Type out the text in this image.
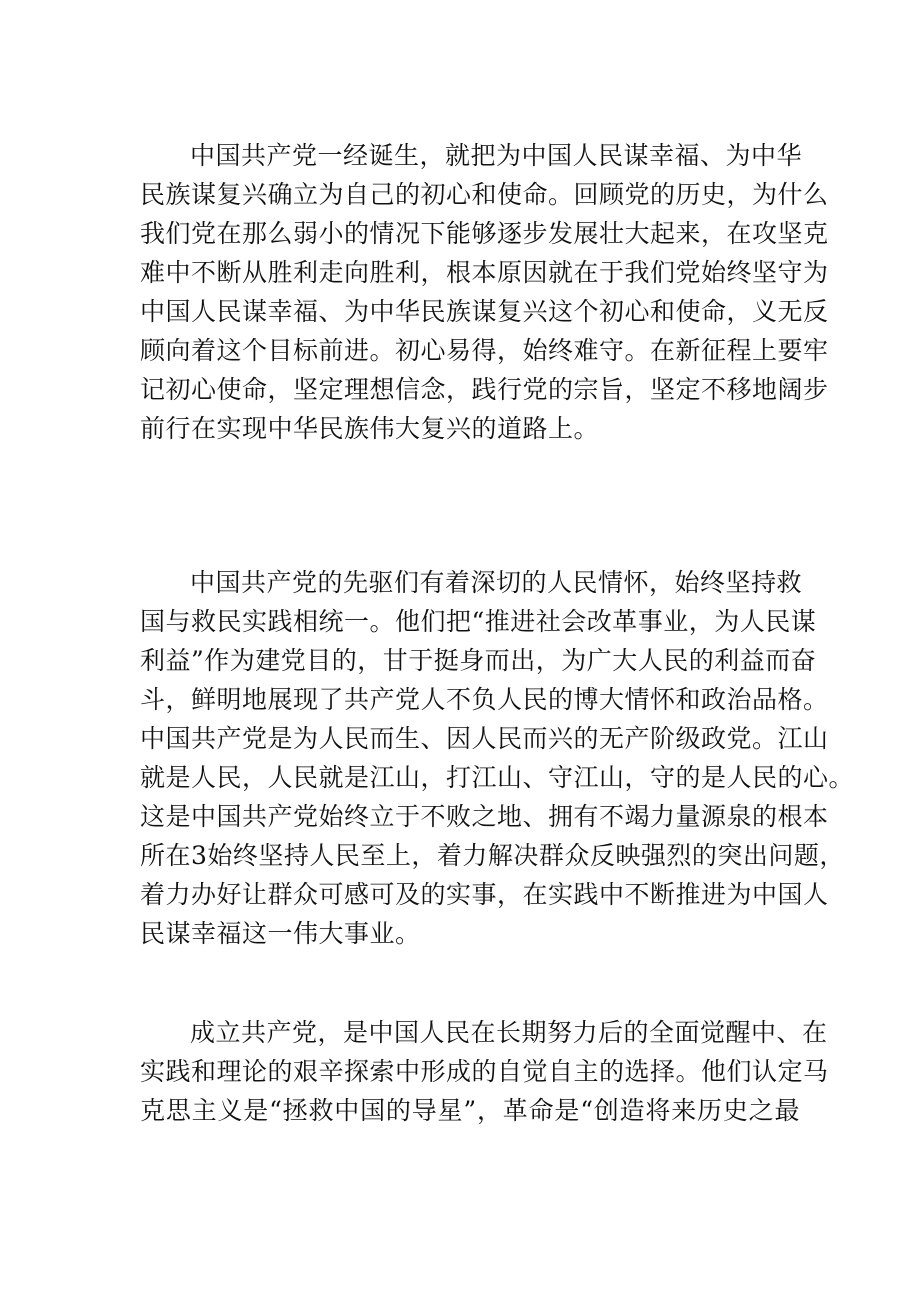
中国共产党一经诞生，就把为中国人民谋幸福、为中华
民族谋复兴确立为自己的初心和使命。回顾党的历史，为什么
我们党在那么弱小的情况下能够逐步发展壮大起来，在攻坚克
难中不断从胜利走向胜利，根本原因就在于我们党始终坚守为
中国人民谋幸福、为中华民族谋复兴这个初心和使命，义无反
顾向着这个目标前进。初心易得，始终难守。在新征程上要牢
记初心使命，坚定理想信念，践行党的宗旨，坚定不移地阔步
前行在实现中华民族伟大复兴的道路上。
中国共产党的先驱们有着深切的人民情怀，始终坚持救
国与救民实践相统一。他们把“推进社会改革事业，为人民谋
利益”作为建党目的，甘于挺身而出，为广大人民的利益而奋
斗，鲜明地展现了共产党人不负人民的博大情怀和政治品格。
中国共产党是为人民而生、因人民而兴的无产阶级政党。江山
就是人民，人民就是江山，打江山、守江山，守的是人民的心。
这是中国共产党始终立于不败之地、拥有不竭力量源泉的根本
所在3始终坚持人民至上，着力解决群众反映强烈的突出问题，
着力办好让群众可感可及的实事，在实践中不断推进为中国人
民谋幸福这一伟大事业。
成立共产党，是中国人民在长期努力后的全面觉醒中、在
实践和理论的艰辛探索中形成的自觉自主的选择。他们认定马
克思主义是“拯救中国的导星”，革命是“创造将来历史之最
